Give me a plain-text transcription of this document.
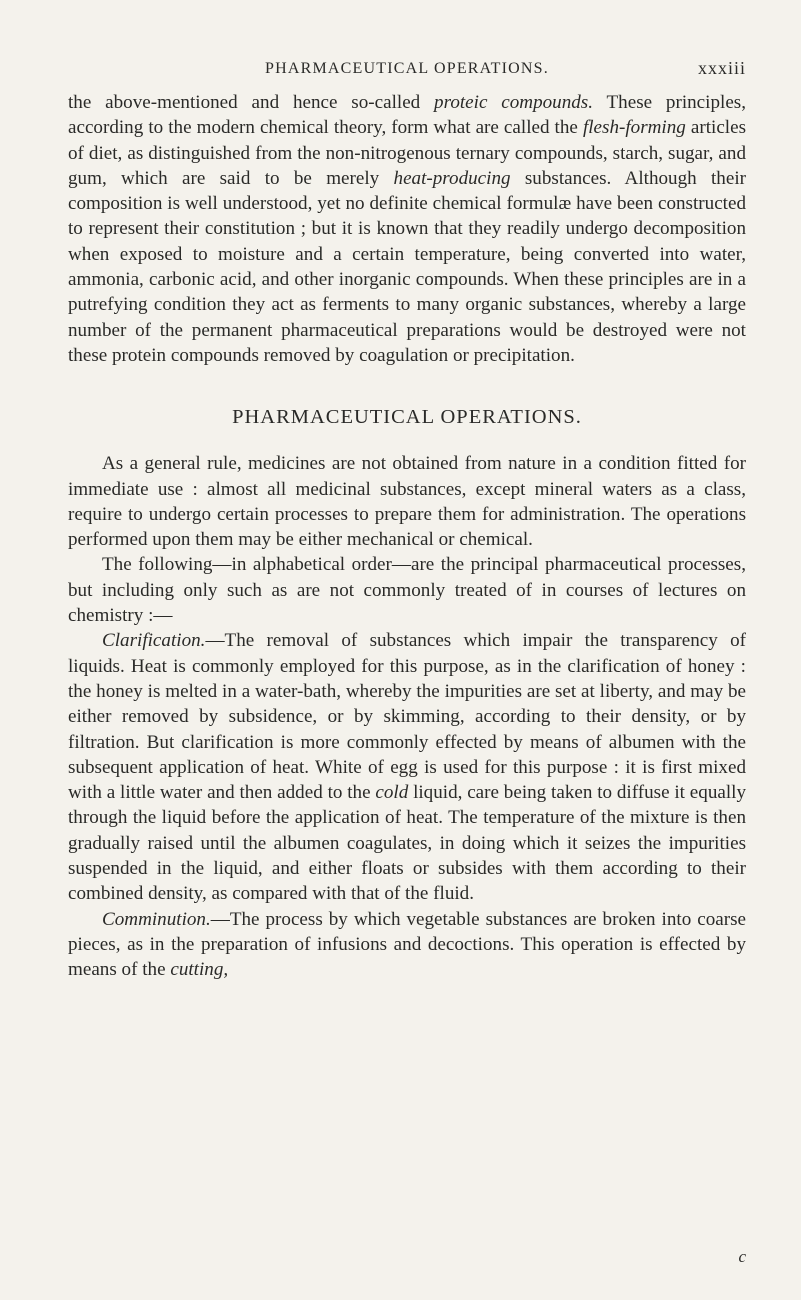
PHARMACEUTICAL OPERATIONS.	xxxiii

the above-mentioned and hence so-called proteic compounds. These principles, according to the modern chemical theory, form what are called the flesh-forming articles of diet, as distinguished from the non-nitrogenous ternary compounds, starch, sugar, and gum, which are said to be merely heat-producing substances. Although their composition is well understood, yet no definite chemical formulæ have been constructed to represent their constitution ; but it is known that they readily undergo decomposition when exposed to moisture and a certain temperature, being converted into water, ammonia, carbonic acid, and other inorganic compounds. When these principles are in a putrefying condition they act as ferments to many organic substances, whereby a large number of the permanent pharmaceutical preparations would be destroyed were not these protein compounds removed by coagulation or precipitation.

PHARMACEUTICAL OPERATIONS.

As a general rule, medicines are not obtained from nature in a condition fitted for immediate use : almost all medicinal substances, except mineral waters as a class, require to undergo certain processes to prepare them for administration. The operations performed upon them may be either mechanical or chemical.

The following—in alphabetical order—are the principal pharmaceutical processes, but including only such as are not commonly treated of in courses of lectures on chemistry :—

Clarification.—The removal of substances which impair the transparency of liquids. Heat is commonly employed for this purpose, as in the clarification of honey : the honey is melted in a water-bath, whereby the impurities are set at liberty, and may be either removed by subsidence, or by skimming, according to their density, or by filtration. But clarification is more commonly effected by means of albumen with the subsequent application of heat. White of egg is used for this purpose : it is first mixed with a little water and then added to the cold liquid, care being taken to diffuse it equally through the liquid before the application of heat. The temperature of the mixture is then gradually raised until the albumen coagulates, in doing which it seizes the impurities suspended in the liquid, and either floats or subsides with them according to their combined density, as compared with that of the fluid.

Comminution.—The process by which vegetable substances are broken into coarse pieces, as in the preparation of infusions and decoctions. This operation is effected by means of the cutting,

c
